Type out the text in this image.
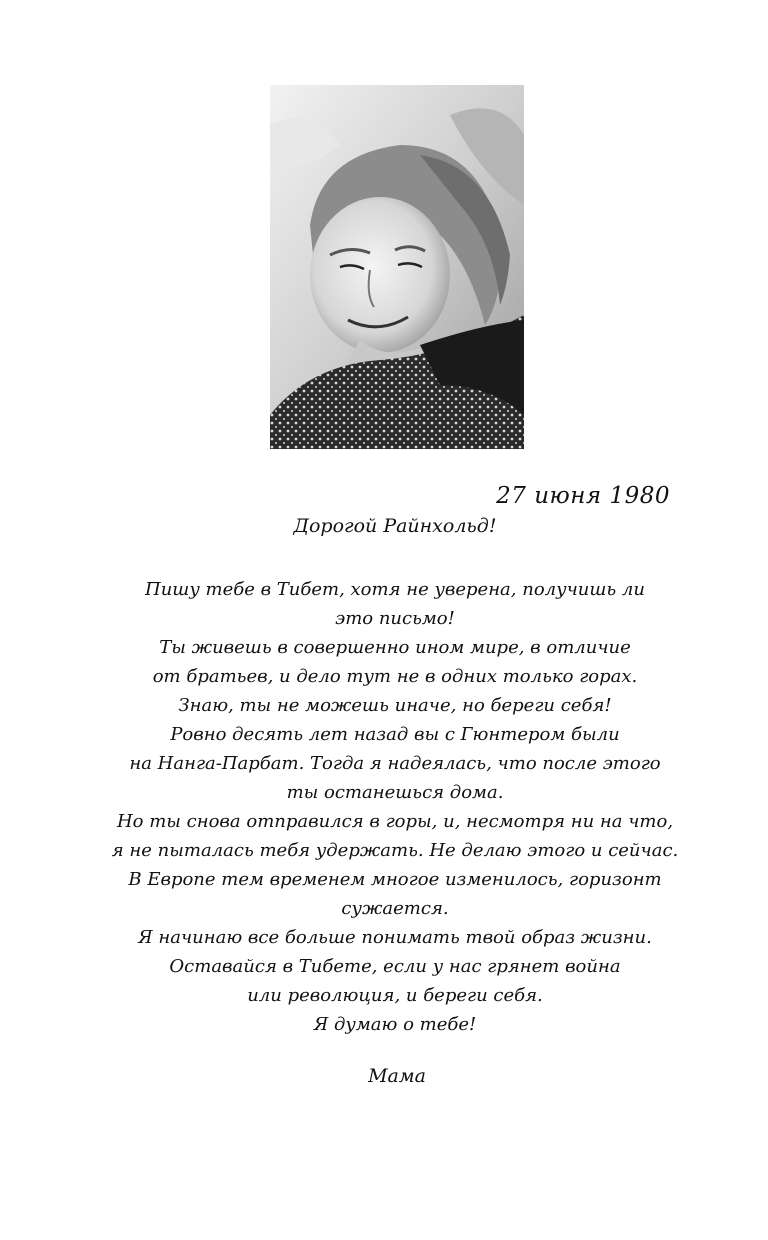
27 июня 1980
Дорогой Райнхольд!
Пишу тебе в Тибет, хотя не уверена, получишь ли
это письмо!
Ты живешь в совершенно ином мире, в отличие
от братьев, и дело тут не в одних только горах.
Знаю, ты не можешь иначе, но береги себя!
Ровно десять лет назад вы с Гюнтером были
на Нанга-Парбат. Тогда я надеялась, что после этого
ты останешься дома.
Но ты снова отправился в горы, и, несмотря ни на что,
я не пыталась тебя удержать. Не делаю этого и сейчас.
В Европе тем временем многое изменилось, горизонт
сужается.
Я начинаю все больше понимать твой образ жизни.
Оставайся в Тибете, если у нас грянет война
или революция, и береги себя.
Я думаю о тебе!
Мама
